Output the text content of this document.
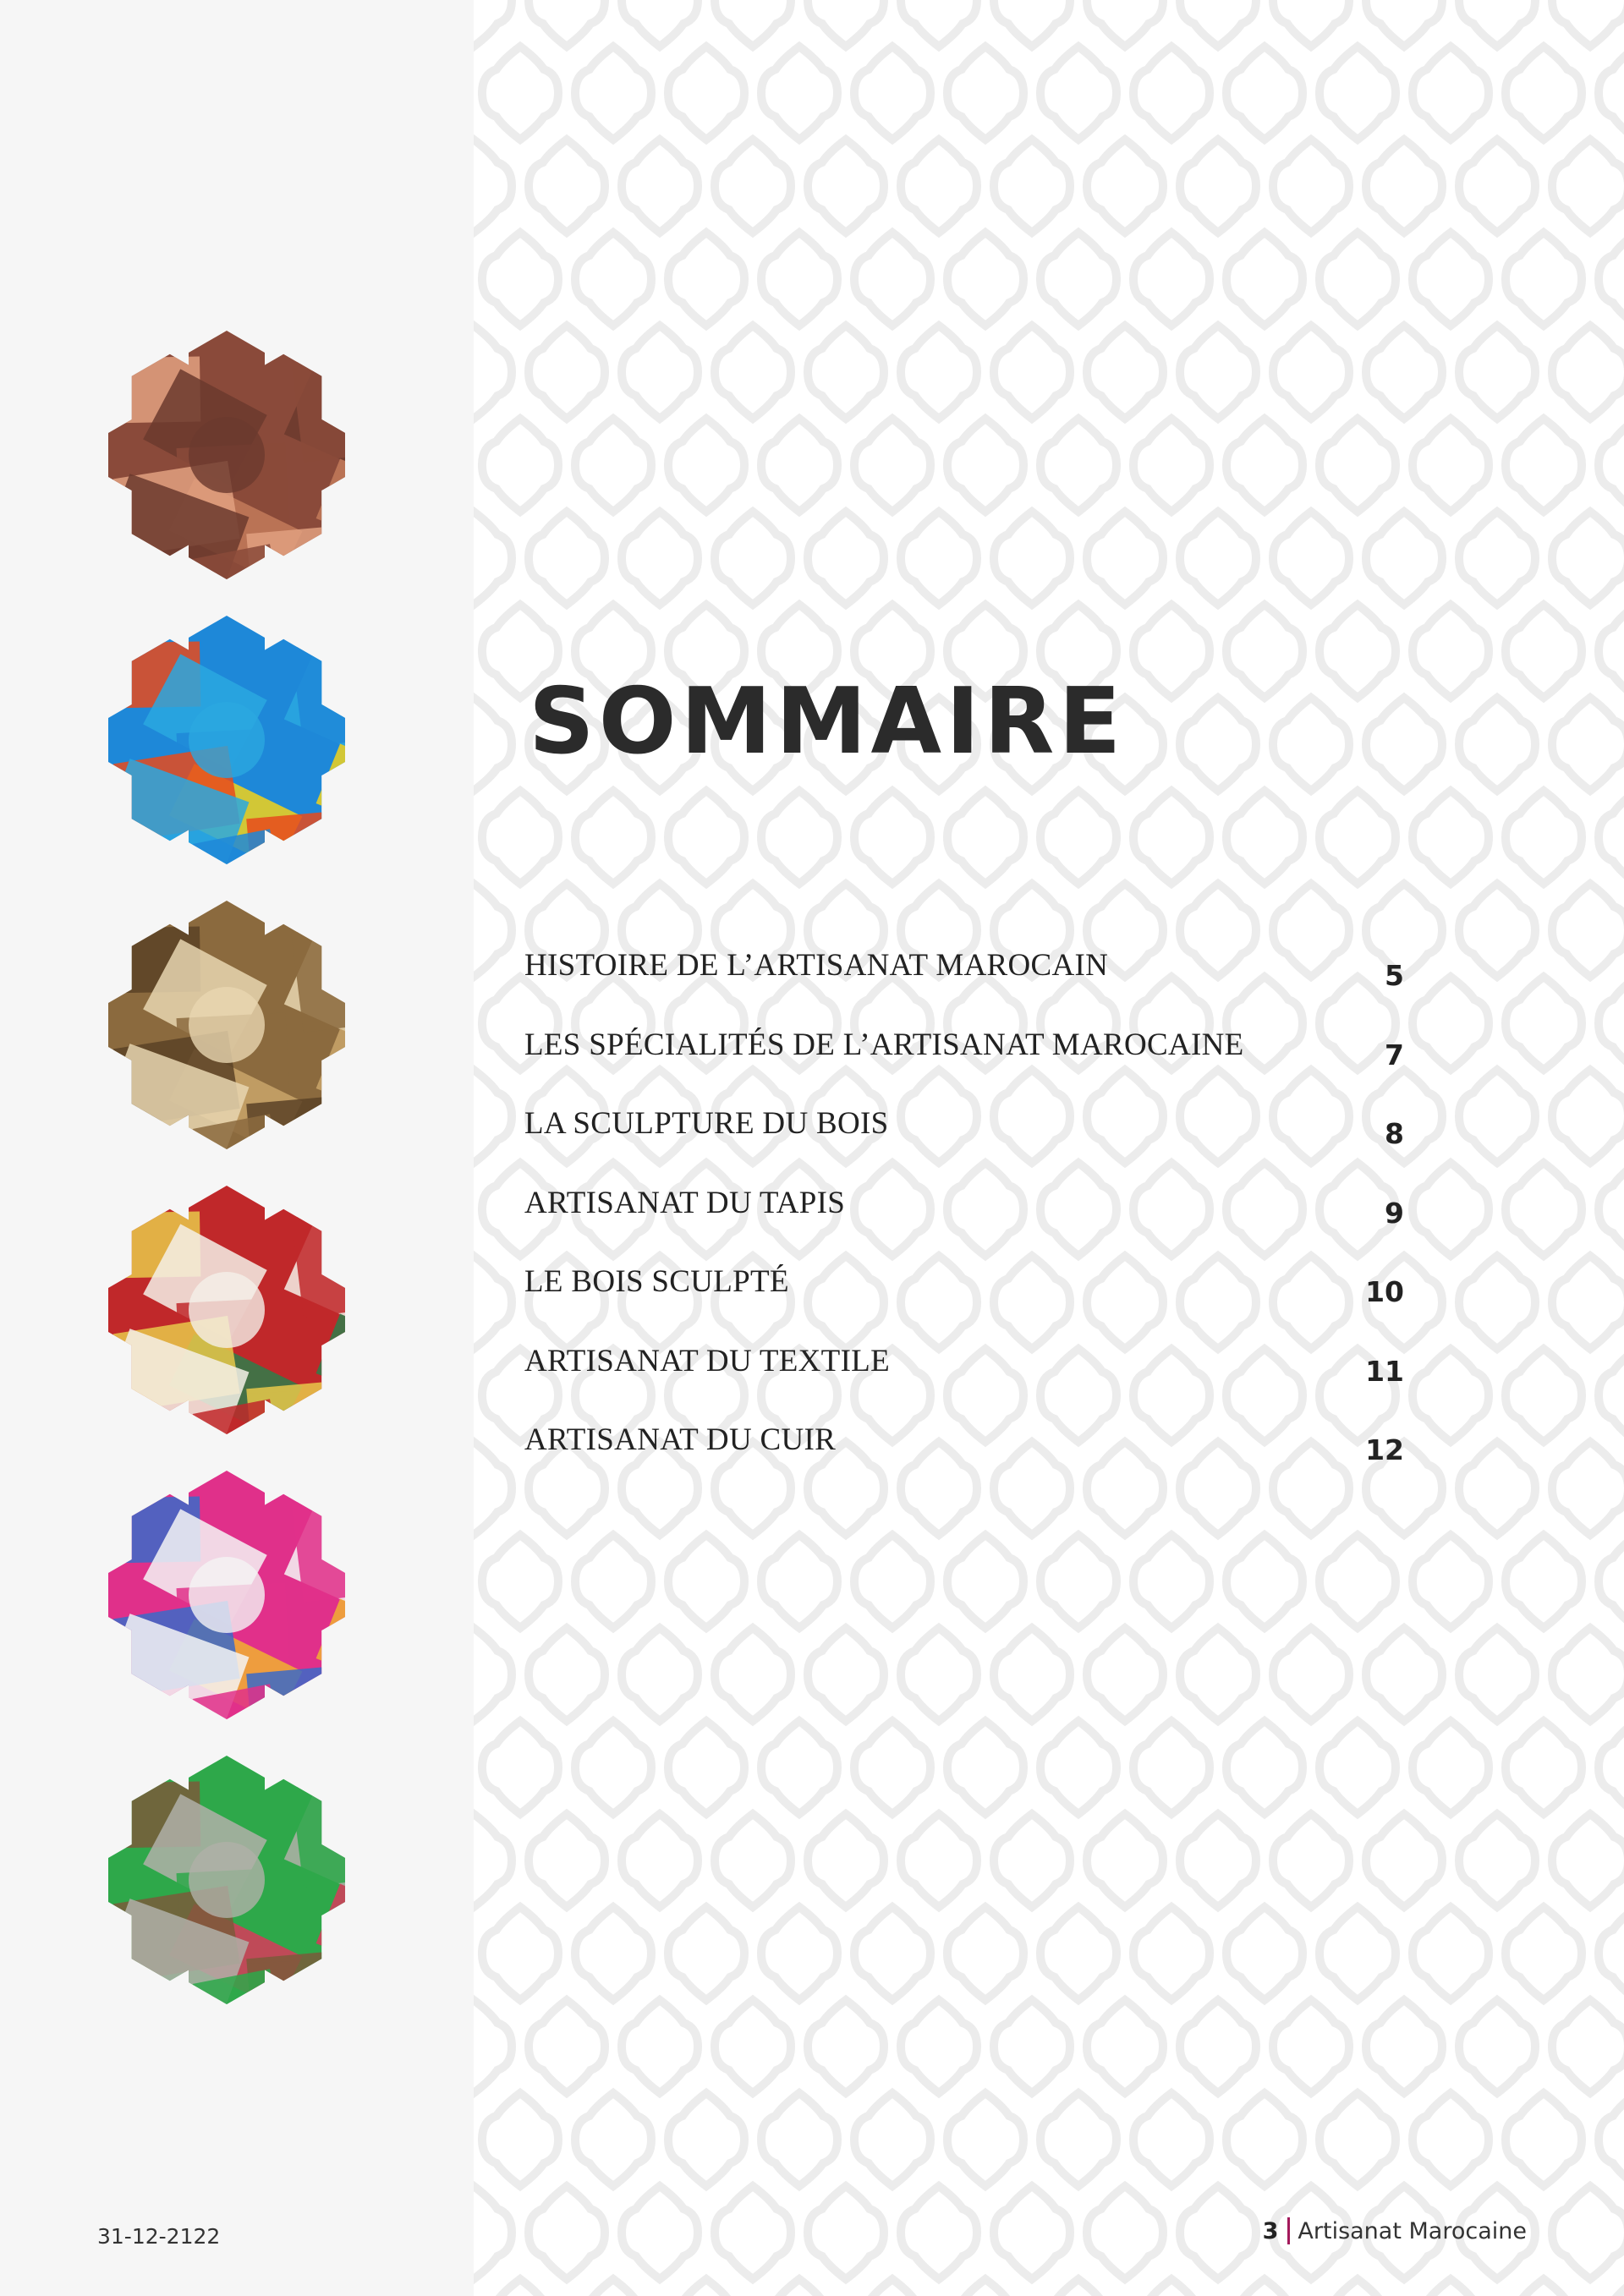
SOMMAIRE
HISTOIRE DE L’ARTISANAT MAROCAIN	5
LES SPÉCIALITÉS DE L’ARTISANAT MAROCAINE	7
LA SCULPTURE DU BOIS	8
ARTISANAT DU TAPIS	9
LE BOIS SCULPTÉ	10
ARTISANAT DU TEXTILE	11
ARTISANAT DU CUIR	12
31-12-2122	3 Artisanat Marocaine
